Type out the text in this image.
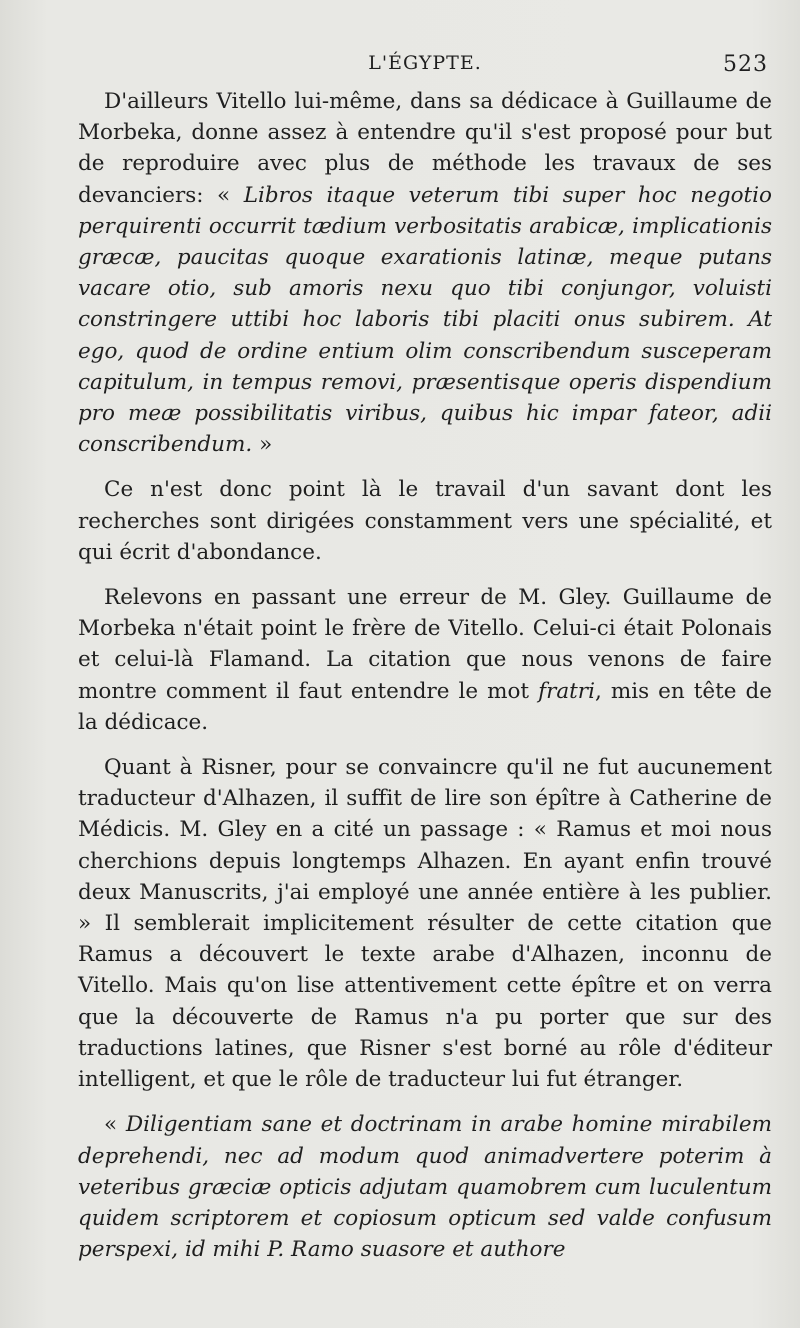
L'ÉGYPTE.	523

D'ailleurs Vitello lui-même, dans sa dédicace à Guillaume de Morbeka, donne assez à entendre qu'il s'est proposé pour but de reproduire avec plus de méthode les travaux de ses devanciers: « Libros itaque veterum tibi super hoc negotio perquirenti occurrit tædium verbositatis arabicæ, implicationis græcæ, paucitas quoque exarationis latinæ, meque putans vacare otio, sub amoris nexu quo tibi conjungor, voluisti constringere uttibi hoc laboris tibi placiti onus subirem. At ego, quod de ordine entium olim conscribendum susceperam capitulum, in tempus removi, præsentisque operis dispendium pro meæ possibilitatis viribus, quibus hic impar fateor, adii conscribendum. »

Ce n'est donc point là le travail d'un savant dont les recherches sont dirigées constamment vers une spécialité, et qui écrit d'abondance.

Relevons en passant une erreur de M. Gley. Guillaume de Morbeka n'était point le frère de Vitello. Celui-ci était Polonais et celui-là Flamand. La citation que nous venons de faire montre comment il faut entendre le mot fratri, mis en tête de la dédicace.

Quant à Risner, pour se convaincre qu'il ne fut aucunement traducteur d'Alhazen, il suffit de lire son épître à Catherine de Médicis. M. Gley en a cité un passage : « Ramus et moi nous cherchions depuis longtemps Alhazen. En ayant enfin trouvé deux Manuscrits, j'ai employé une année entière à les publier. » Il semblerait implicitement résulter de cette citation que Ramus a découvert le texte arabe d'Alhazen, inconnu de Vitello. Mais qu'on lise attentivement cette épître et on verra que la découverte de Ramus n'a pu porter que sur des traductions latines, que Risner s'est borné au rôle d'éditeur intelligent, et que le rôle de traducteur lui fut étranger.

« Diligentiam sane et doctrinam in arabe homine mirabilem deprehendi, nec ad modum quod animadvertere poterim à veteribus græciæ opticis adjutam quamobrem cum luculentum quidem scriptorem et copiosum opticum sed valde confusum perspexi, id mihi P. Ramo suasore et authore
